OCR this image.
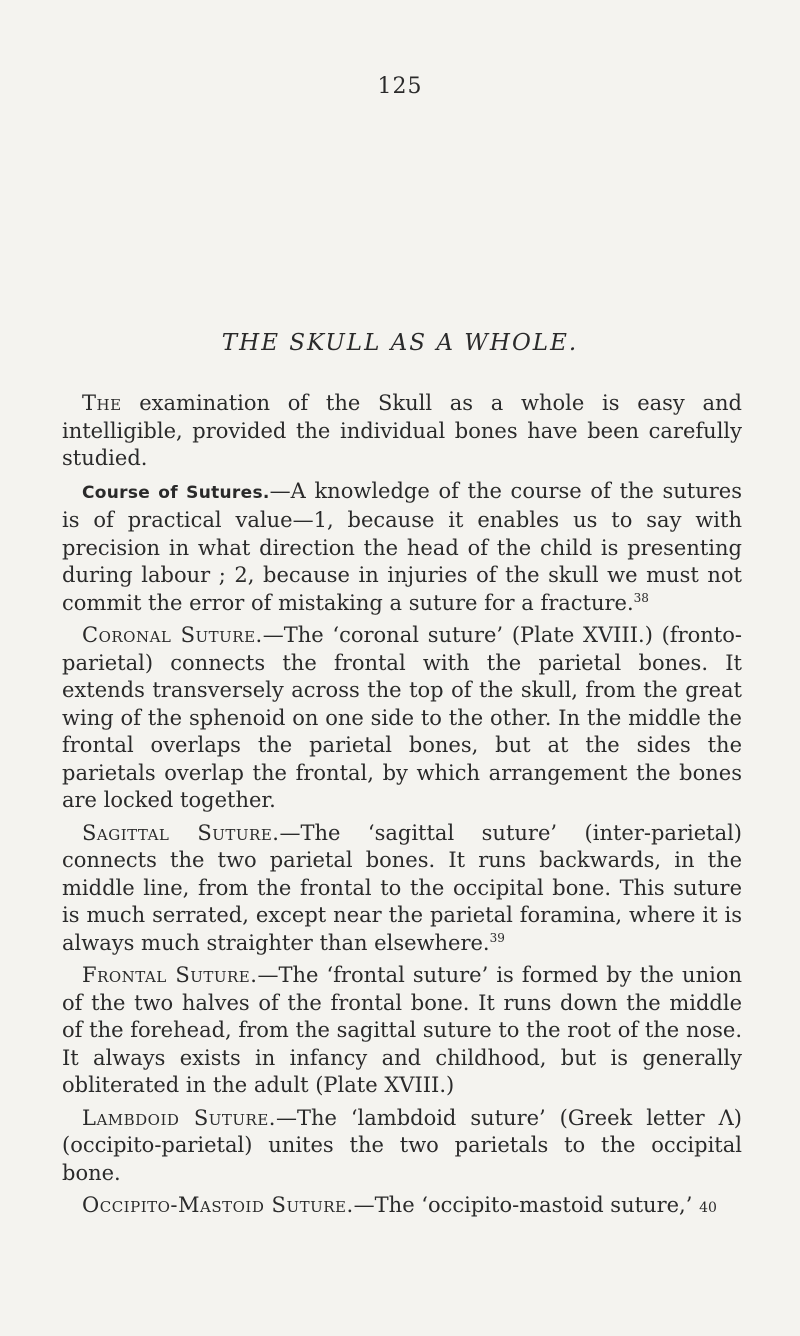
125
THE SKULL AS A WHOLE.

The examination of the Skull as a whole is easy and intelligible, provided the individual bones have been carefully studied.

Course of Sutures.—A knowledge of the course of the sutures is of practical value—1, because it enables us to say with precision in what direction the head of the child is presenting during labour ; 2, because in injuries of the skull we must not commit the error of mistaking a suture for a fracture.$^{38}$

Coronal Suture.—The ‘coronal suture’ (Plate XVIII.) (fronto-parietal) connects the frontal with the parietal bones. It extends transversely across the top of the skull, from the great wing of the sphenoid on one side to the other. In the middle the frontal overlaps the parietal bones, but at the sides the parietals overlap the frontal, by which arrangement the bones are locked together.

Sagittal Suture.—The ‘sagittal suture’ (inter-parietal) connects the two parietal bones. It runs backwards, in the middle line, from the frontal to the occipital bone. This suture is much serrated, except near the parietal foramina, where it is always much straighter than elsewhere.$^{39}$

Frontal Suture.—The ‘frontal suture’ is formed by the union of the two halves of the frontal bone. It runs down the middle of the forehead, from the sagittal suture to the root of the nose. It always exists in infancy and childhood, but is generally obliterated in the adult (Plate XVIII.)

Lambdoid Suture.—The ‘lambdoid suture’ (Greek letter Λ) (occipito-parietal) unites the two parietals to the occipital bone.

Occipito-Mastoid Suture.—The ‘occipito-mastoid suture,’ 40
